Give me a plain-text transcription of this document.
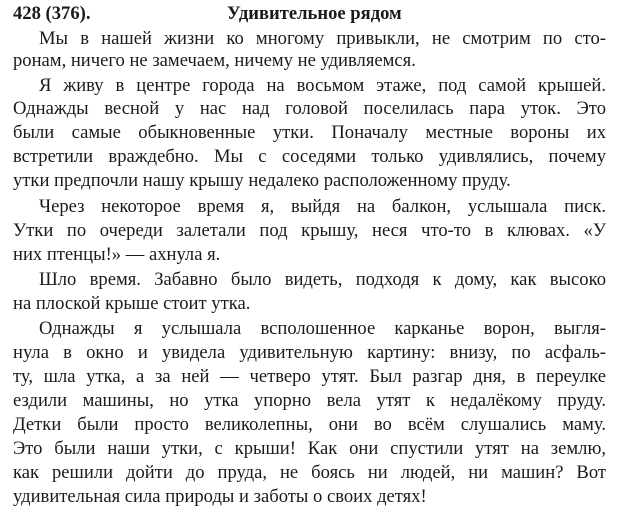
428 (376).	Удивительное рядом
Мы в нашей жизни ко многому привыкли, не смотрим по сто-
ронам, ничего не замечаем, ничему не удивляемся.
Я живу в центре города на восьмом этаже, под самой крышей.
Однажды весной у нас над головой поселилась пара уток. Это
были самые обыкновенные утки. Поначалу местные вороны их
встретили враждебно. Мы с соседями только удивлялись, почему
утки предпочли нашу крышу недалеко расположенному пруду.
Через некоторое время я, выйдя на балкон, услышала писк.
Утки по очереди залетали под крышу, неся что-то в клювах. «У
них птенцы!» — ахнула я.
Шло время. Забавно было видеть, подходя к дому, как высоко
на плоской крыше стоит утка.
Однажды я услышала всполошенное карканье ворон, выгля-
нула в окно и увидела удивительную картину: внизу, по асфаль-
ту, шла утка, а за ней — четверо утят. Был разгар дня, в переулке
ездили машины, но утка упорно вела утят к недалёкому пруду.
Детки были просто великолепны, они во всём слушались маму.
Это были наши утки, с крыши! Как они спустили утят на землю,
как решили дойти до пруда, не боясь ни людей, ни машин? Вот
удивительная сила природы и заботы о своих детях!
